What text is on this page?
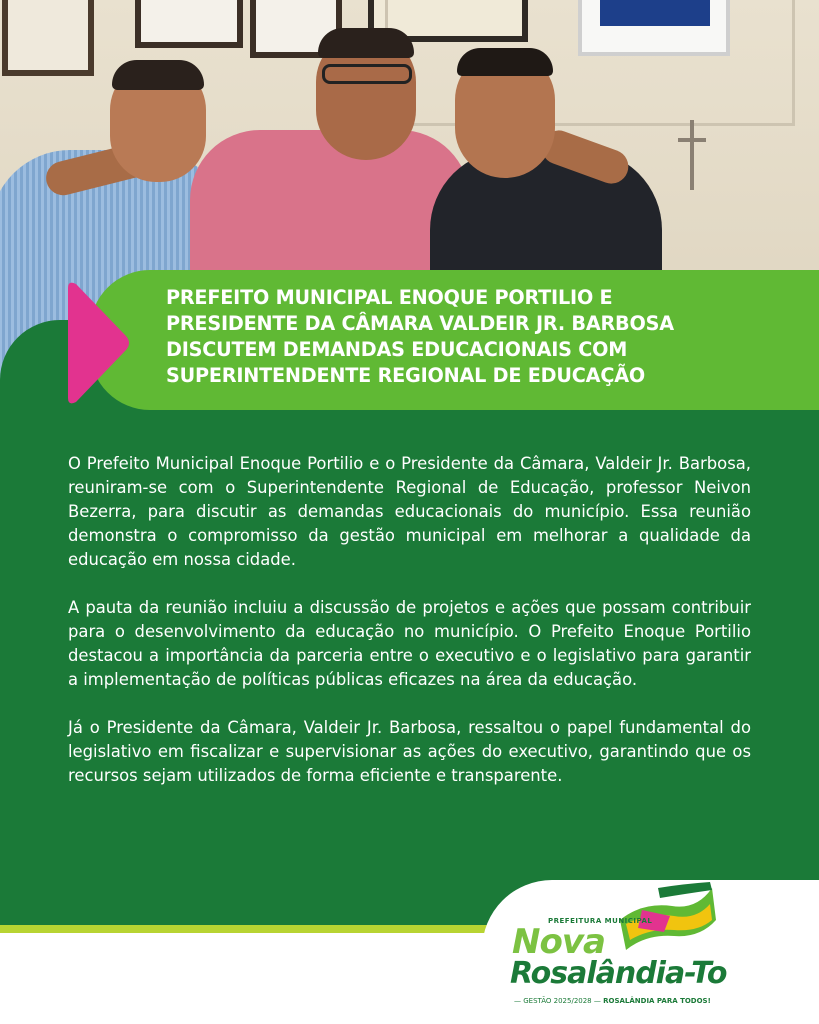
PREFEITO MUNICIPAL ENOQUE PORTILIO E
PRESIDENTE DA CÂMARA VALDEIR JR. BARBOSA
DISCUTEM DEMANDAS EDUCACIONAIS COM
SUPERINTENDENTE REGIONAL DE EDUCAÇÃO

O Prefeito Municipal Enoque Portilio e o Presidente da Câmara, Valdeir Jr. Barbosa, reuniram-se com o Superintendente Regional de Educação, professor Neivon Bezerra, para discutir as demandas educacionais do município. Essa reunião demonstra o compromisso da gestão municipal em melhorar a qualidade da educação em nossa cidade.

A pauta da reunião incluiu a discussão de projetos e ações que possam contribuir para o desenvolvimento da educação no município. O Prefeito Enoque Portilio destacou a importância da parceria entre o executivo e o legislativo para garantir a implementação de políticas públicas eficazes na área da educação.

Já o Presidente da Câmara, Valdeir Jr. Barbosa, ressaltou o papel fundamental do legislativo em fiscalizar e supervisionar as ações do executivo, garantindo que os recursos sejam utilizados de forma eficiente e transparente.

PREFEITURA MUNICIPAL
Nova
Rosalândia-To
— GESTÃO 2025/2028 — ROSALÂNDIA PARA TODOS!
